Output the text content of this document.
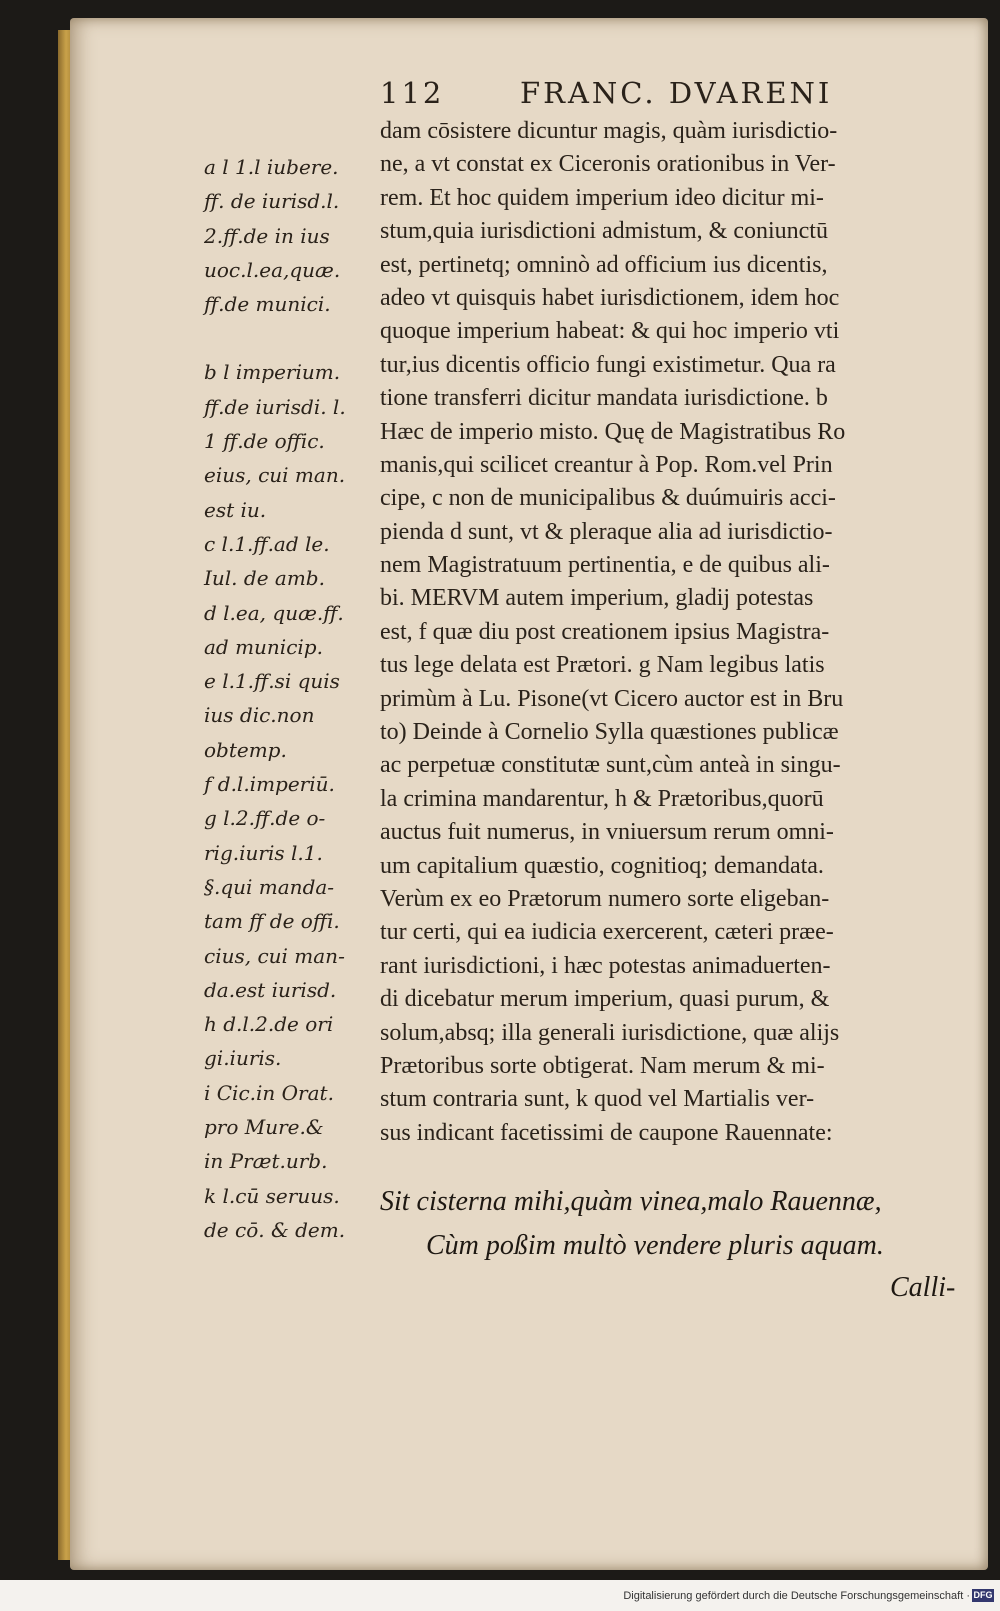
112	FRANC. DVARENI
a l 1.l iubere.
ff. de iurisd.l.
2.ff.de in ius
uoc.l.ea,quæ.
ff.de munici.
b l imperium.
ff.de iurisdi. l.
1 ff.de offic.
eius, cui man.
est iu.
c l.1.ff.ad le.
Iul. de amb.
d l.ea, quæ.ff.
ad municip.
e l.1.ff.si quis
ius dic.non
obtemp.
f d.l.imperiū.
g l.2.ff.de o-
rig.iuris l.1.
§.qui manda-
tam ff de offi.
cius, cui man-
da.est iurisd.
h d.l.2.de ori
gi.iuris.
i Cic.in Orat.
pro Mure.&
in Præt.urb.
k l.cū seruus.
de cō. & dem.
dam cōsistere dicuntur magis, quàm iurisdictio-
ne, a vt constat ex Ciceronis orationibus in Ver-
rem. Et hoc quidem imperium ideo dicitur mi-
stum,quia iurisdictioni admistum, & coniunctū
est, pertinetq; omninò ad officium ius dicentis,
adeo vt quisquis habet iurisdictionem, idem hoc
quoque imperium habeat: & qui hoc imperio vti
tur,ius dicentis officio fungi existimetur. Qua ra
tione transferri dicitur mandata iurisdictione. b
Hæc de imperio misto. Quę de Magistratibus Ro
manis,qui scilicet creantur à Pop. Rom.vel Prin
cipe, c non de municipalibus & duúmuiris acci-
pienda d sunt, vt & pleraque alia ad iurisdictio-
nem Magistratuum pertinentia, e de quibus ali-
bi. MERVM autem imperium, gladij potestas
est, f quæ diu post creationem ipsius Magistra-
tus lege delata est Prætori. g Nam legibus latis
primùm à Lu. Pisone(vt Cicero auctor est in Bru
to) Deinde à Cornelio Sylla quæstiones publicæ
ac perpetuæ constitutæ sunt,cùm anteà in singu-
la crimina mandarentur, h & Prætoribus,quorū
auctus fuit numerus, in vniuersum rerum omni-
um capitalium quæstio, cognitioq; demandata.
Verùm ex eo Prætorum numero sorte eligeban-
tur certi, qui ea iudicia exercerent, cæteri præe-
rant iurisdictioni, i hæc potestas animaduerten-
di dicebatur merum imperium, quasi purum, &
solum,absq; illa generali iurisdictione, quæ alijs
Prætoribus sorte obtigerat. Nam merum & mi-
stum contraria sunt, k quod vel Martialis ver-
sus indicant facetissimi de caupone Rauennate:
Sit cisterna mihi,quàm vinea,malo Rauennæ,
Cùm poßim multò vendere pluris aquam.
Calli-
Digitalisierung gefördert durch die Deutsche Forschungsgemeinschaft · DFG
